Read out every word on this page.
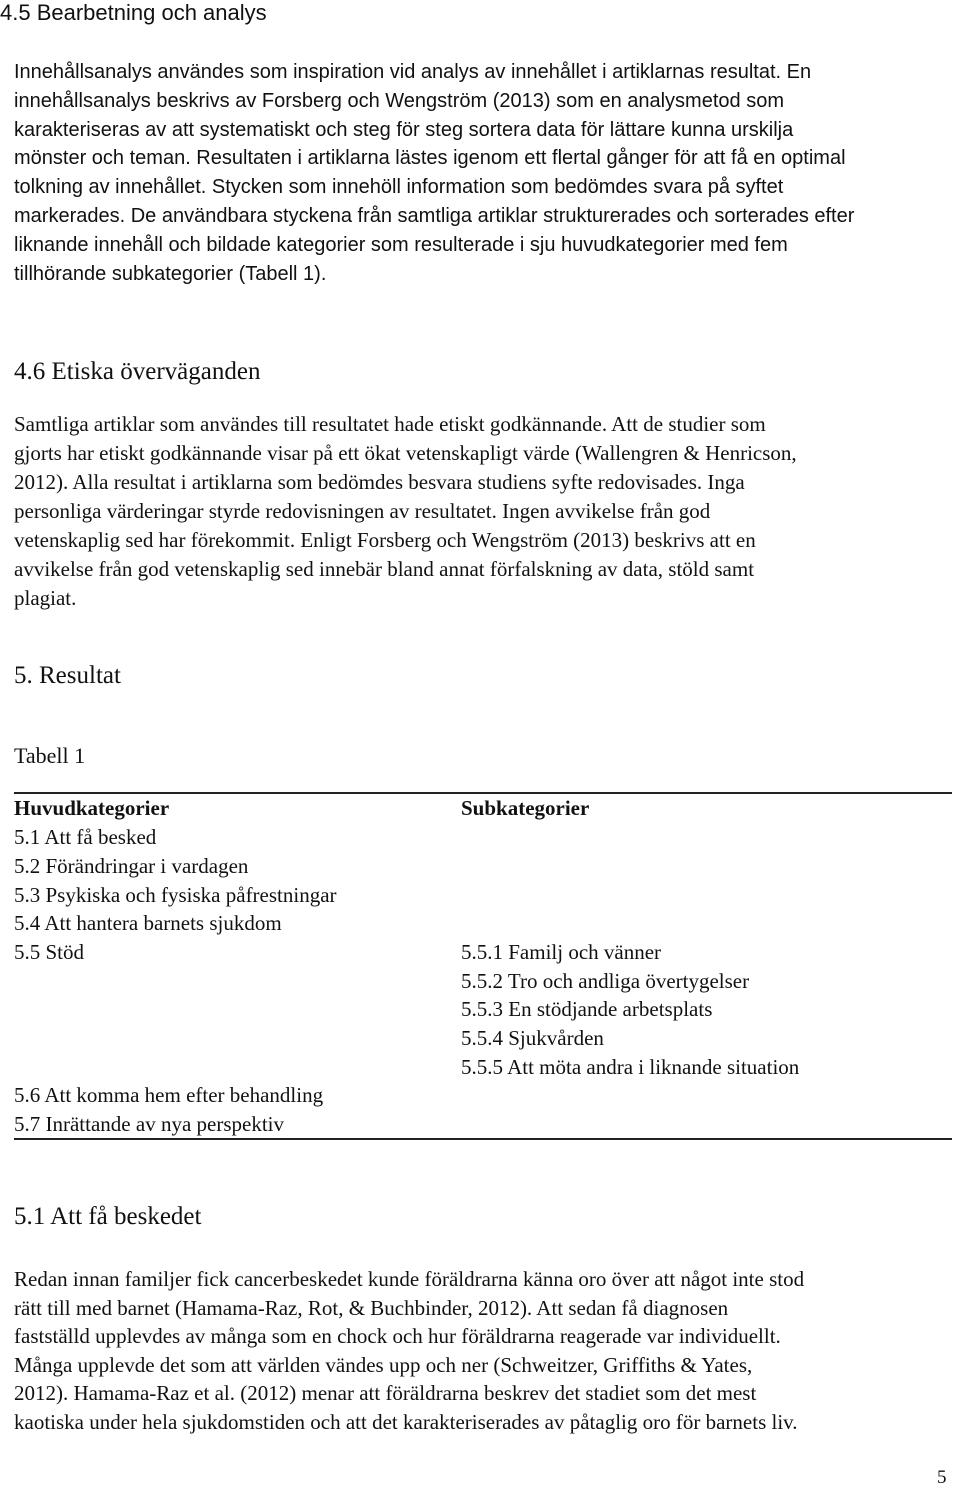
4.5 Bearbetning och analys
Innehållsanalys användes som inspiration vid analys av innehållet i artiklarnas resultat. En
innehållsanalys beskrivs av Forsberg och Wengström (2013) som en analysmetod som
karakteriseras av att systematiskt och steg för steg sortera data för lättare kunna urskilja
mönster och teman. Resultaten i artiklarna lästes igenom ett flertal gånger för att få en optimal
tolkning av innehållet. Stycken som innehöll information som bedömdes svara på syftet
markerades. De användbara styckena från samtliga artiklar strukturerades och sorterades efter
liknande innehåll och bildade kategorier som resulterade i sju huvudkategorier med fem
tillhörande subkategorier (Tabell 1).
4.6 Etiska överväganden
Samtliga artiklar som användes till resultatet hade etiskt godkännande. Att de studier som
gjorts har etiskt godkännande visar på ett ökat vetenskapligt värde (Wallengren & Henricson,
2012). Alla resultat i artiklarna som bedömdes besvara studiens syfte redovisades. Inga
personliga värderingar styrde redovisningen av resultatet. Ingen avvikelse från god
vetenskaplig sed har förekommit. Enligt Forsberg och Wengström (2013) beskrivs att en
avvikelse från god vetenskaplig sed innebär bland annat förfalskning av data, stöld samt
plagiat.
5. Resultat
Tabell 1
Huvudkategorier	Subkategorier
5.1 Att få besked
5.2 Förändringar i vardagen
5.3 Psykiska och fysiska påfrestningar
5.4 Att hantera barnets sjukdom
5.5 Stöd
5.6 Att komma hem efter behandling
5.7 Inrättande av nya perspektiv
5.5.1 Familj och vänner
5.5.2 Tro och andliga övertygelser
5.5.3 En stödjande arbetsplats
5.5.4 Sjukvården
5.5.5 Att möta andra i liknande situation
5.1 Att få beskedet
Redan innan familjer fick cancerbeskedet kunde föräldrarna känna oro över att något inte stod
rätt till med barnet (Hamama-Raz, Rot, & Buchbinder, 2012). Att sedan få diagnosen
fastställd upplevdes av många som en chock och hur föräldrarna reagerade var individuellt.
Många upplevde det som att världen vändes upp och ner (Schweitzer, Griffiths & Yates,
2012). Hamama-Raz et al. (2012) menar att föräldrarna beskrev det stadiet som det mest
kaotiska under hela sjukdomstiden och att det karakteriserades av påtaglig oro för barnets liv.
5
